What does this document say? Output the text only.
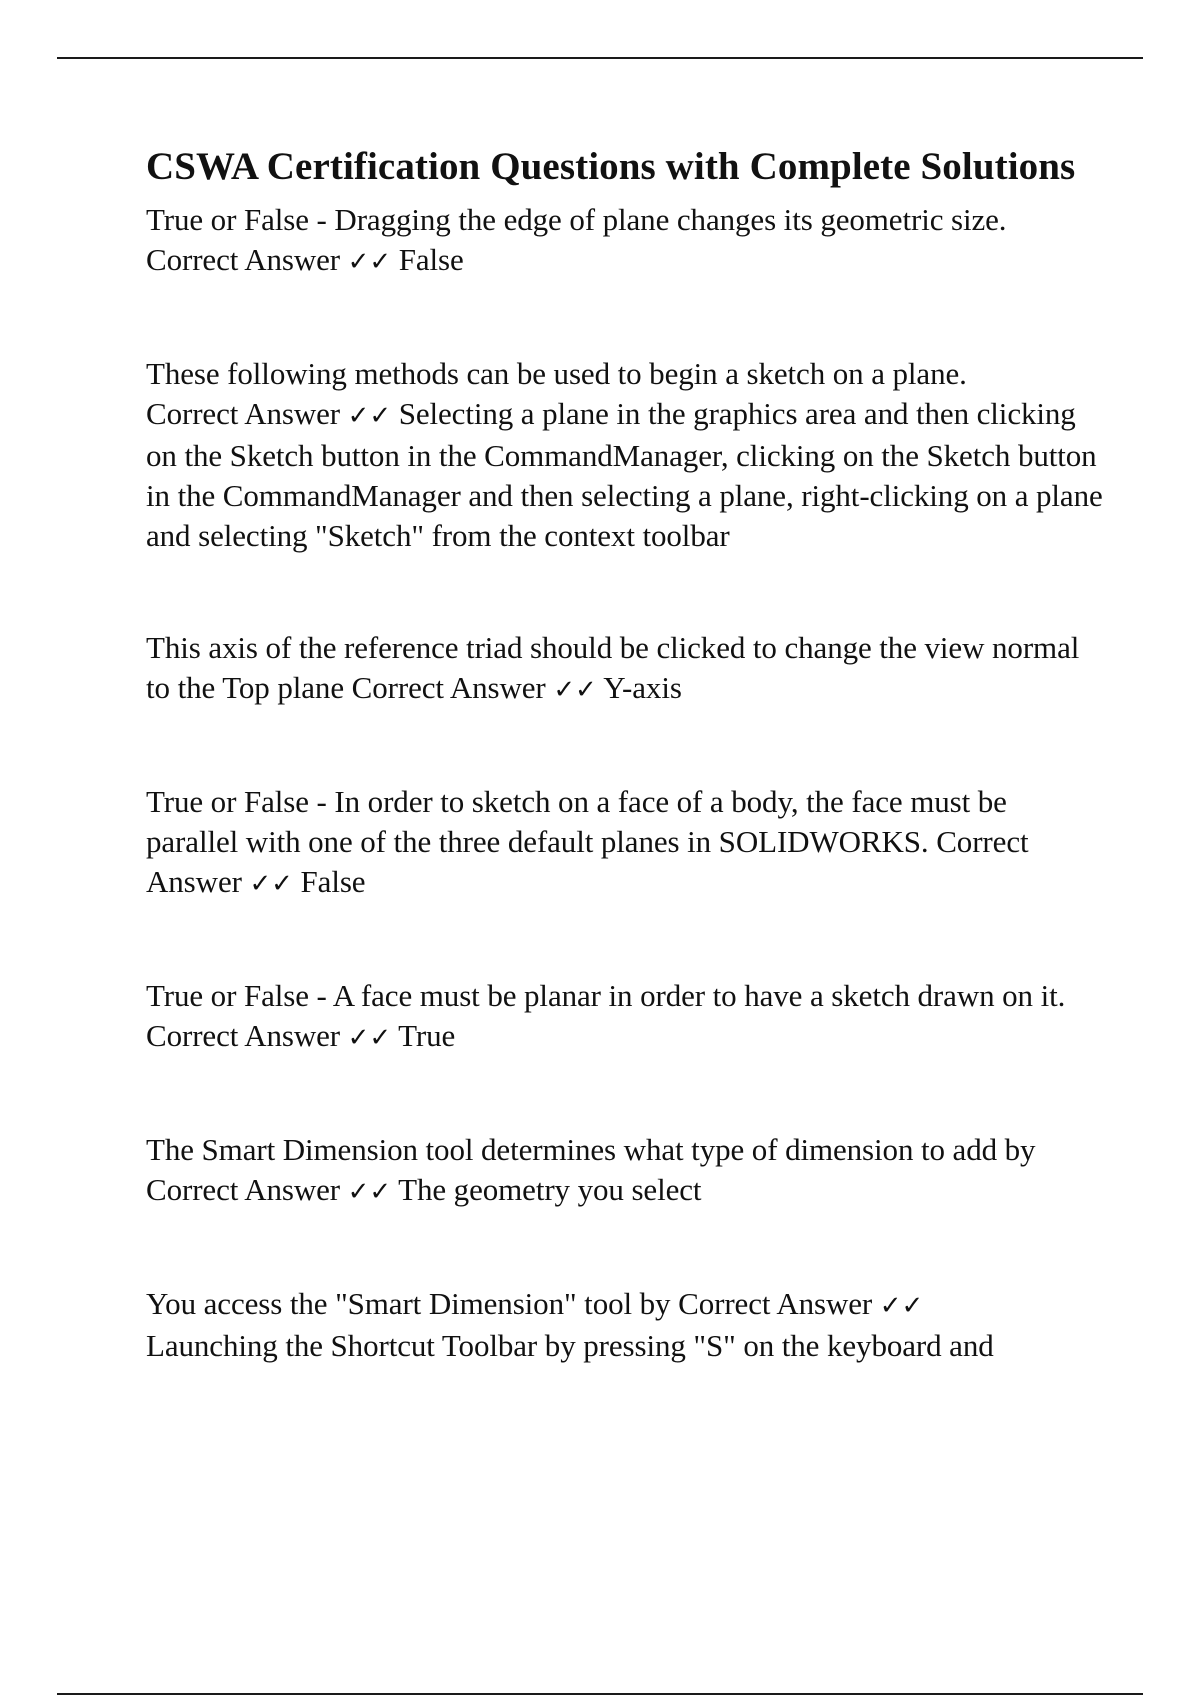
CSWA Certification Questions with Complete Solutions
True or False - Dragging the edge of plane changes its geometric size.
Correct Answer ✓✓ False
These following methods can be used to begin a sketch on a plane.
Correct Answer ✓✓ Selecting a plane in the graphics area and then clicking on the Sketch button in the CommandManager, clicking on the Sketch button in the CommandManager and then selecting a plane, right-clicking on a plane and selecting "Sketch" from the context toolbar
This axis of the reference triad should be clicked to change the view normal to the Top plane Correct Answer ✓✓ Y-axis
True or False - In order to sketch on a face of a body, the face must be parallel with one of the three default planes in SOLIDWORKS. Correct Answer ✓✓ False
True or False - A face must be planar in order to have a sketch drawn on it. Correct Answer ✓✓ True
The Smart Dimension tool determines what type of dimension to add by
Correct Answer ✓✓ The geometry you select
You access the "Smart Dimension" tool by Correct Answer ✓✓
Launching the Shortcut Toolbar by pressing "S" on the keyboard and
